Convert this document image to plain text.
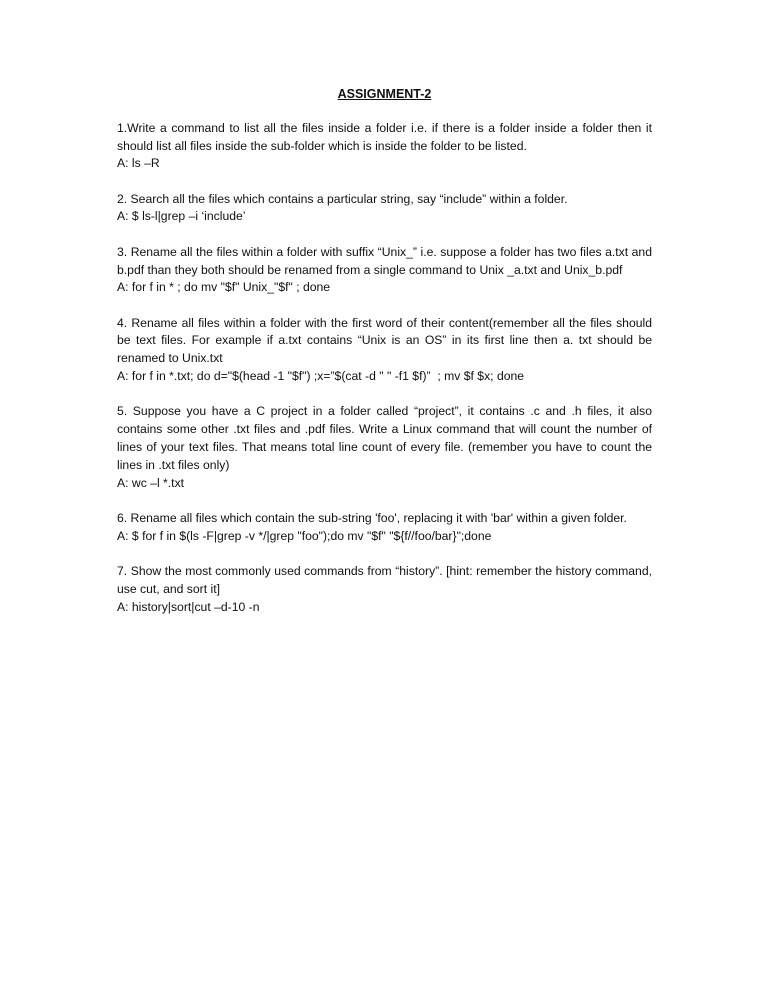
ASSIGNMENT-2

1.Write a command to list all the files inside a folder i.e. if there is a folder inside a folder then it should list all files inside the sub-folder which is inside the folder to be listed.

A: ls –R

2. Search all the files which contains a particular string, say “include” within a folder.

A: $ ls-l|grep –i ‘include’

3. Rename all the files within a folder with suffix “Unix_” i.e. suppose a folder has two files a.txt and b.pdf than they both should be renamed from a single command to Unix _a.txt and Unix_b.pdf

A: for f in * ; do mv "$f" Unix_"$f" ; done

4. Rename all files within a folder with the first word of their content(remember all the files should be text files. For example if a.txt contains “Unix is an OS” in its first line then a. txt should be renamed to Unix.txt

A: for f in *.txt; do d="$(head -1 "$f") ;x=”$(cat -d " " -f1 $f)”  ; mv $f $x; done

5. Suppose you have a C project in a folder called “project”, it contains .c and .h files, it also contains some other .txt files and .pdf files. Write a Linux command that will count the number of lines of your text files. That means total line count of every file. (remember you have to count the lines in .txt files only)

A: wc –l *.txt

6. Rename all files which contain the sub-string 'foo', replacing it with 'bar' within a given folder.

A: $ for f in $(ls -F|grep -v */|grep "foo");do mv "$f" "${f//foo/bar}";done

7. Show the most commonly used commands from “history”. [hint: remember the history command, use cut, and sort it]

A: history|sort|cut –d-10 -n
